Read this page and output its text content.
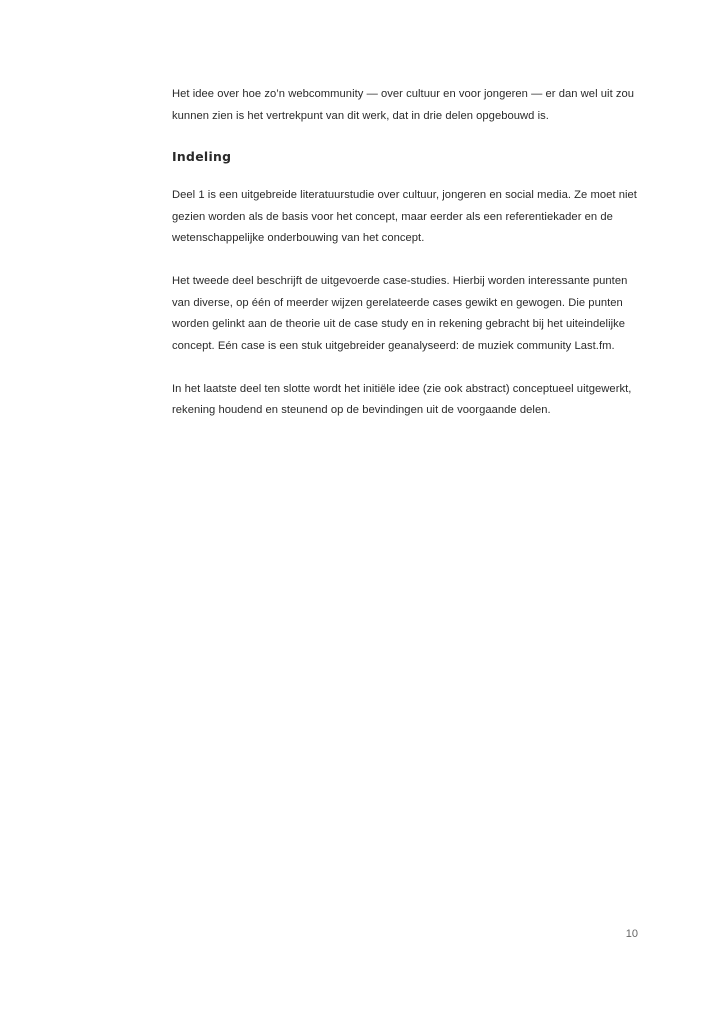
Het idee over hoe zo’n webcommunity — over cultuur en voor jongeren — er dan wel uit zou kunnen zien is het vertrekpunt van dit werk, dat in drie delen opgebouwd is.

Indeling

Deel 1 is een uitgebreide literatuurstudie over cultuur, jongeren en social media. Ze moet niet gezien worden als de basis voor het concept, maar eerder als een referentiekader en de wetenschappelijke onderbouwing van het concept.

Het tweede deel beschrijft de uitgevoerde case-studies. Hierbij worden interessante punten van diverse, op één of meerder wijzen gerelateerde cases gewikt en gewogen. Die punten worden gelinkt aan de theorie uit de case study en in rekening gebracht bij het uiteindelijke concept. Eén case is een stuk uitgebreider geanalyseerd: de muziek community Last.fm.

In het laatste deel ten slotte wordt het initiële idee (zie ook abstract) conceptueel uitgewerkt, rekening houdend en steunend op de bevindingen uit de voorgaande delen.

10
